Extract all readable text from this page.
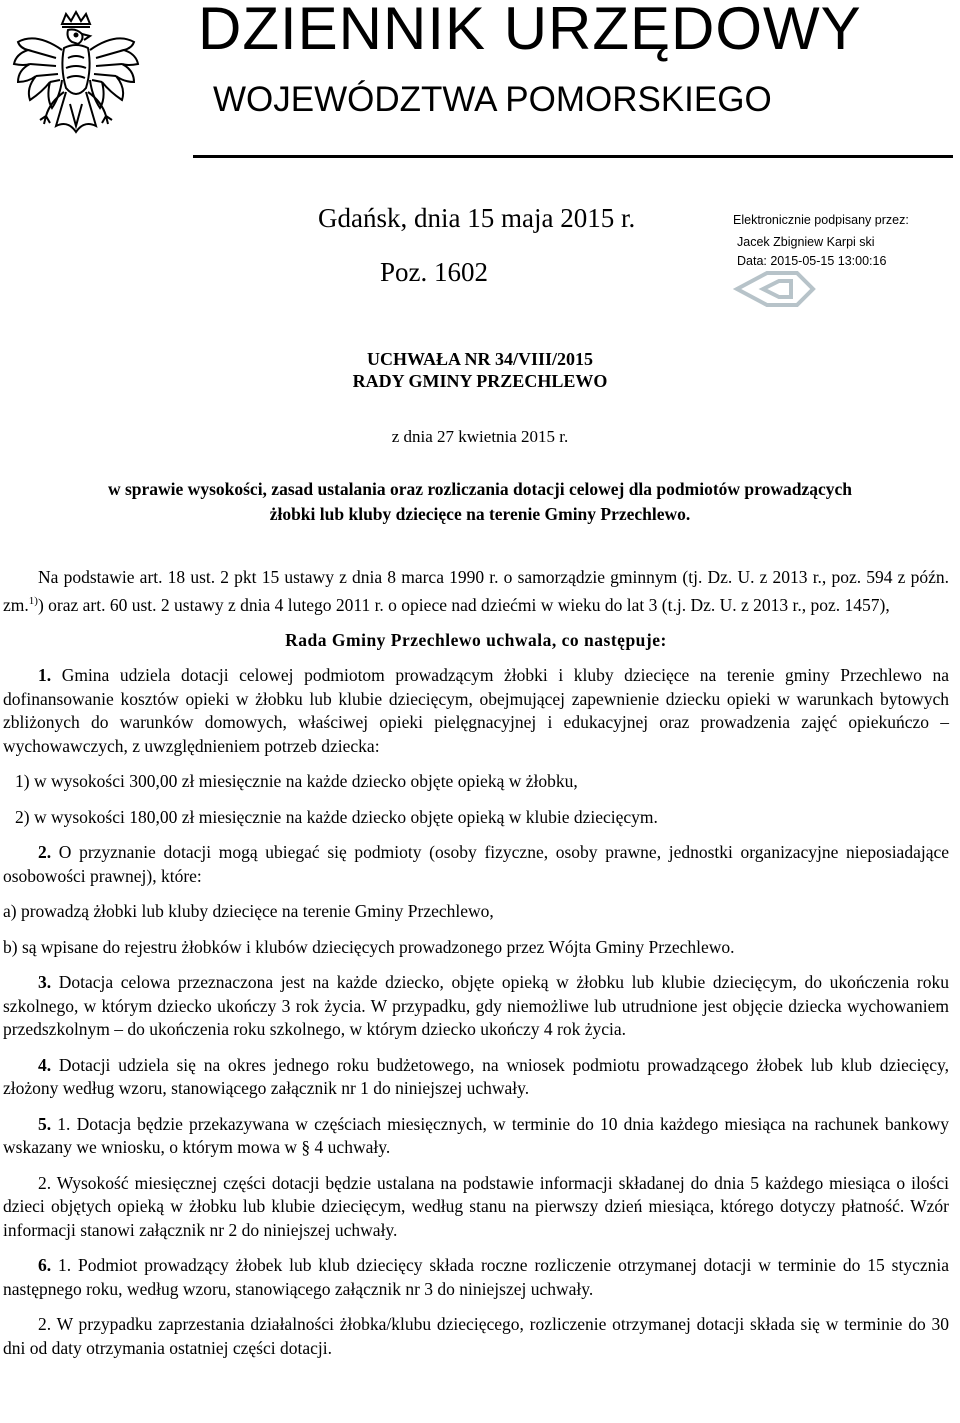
DZIENNIK URZĘDOWY
WOJEWÓDZTWA POMORSKIEGO
Gdańsk, dnia 15 maja 2015 r.
Poz. 1602
Elektronicznie podpisany przez:
Jacek Zbigniew Karpi ski
Data: 2015-05-15 13:00:16
UCHWAŁA NR 34/VIII/2015
RADY GMINY PRZECHLEWO
z dnia 27 kwietnia 2015 r.
w sprawie wysokości, zasad ustalania oraz rozliczania dotacji celowej dla podmiotów prowadzących
żłobki lub kluby dziecięce na terenie Gminy Przechlewo.

Na podstawie art. 18 ust. 2 pkt 15 ustawy z dnia 8 marca 1990 r. o samorządzie gminnym (tj. Dz. U. z 2013 r., poz. 594 z późn. zm.$^{1)}$) oraz art. 60 ust. 2 ustawy z dnia 4 lutego 2011 r. o opiece nad dziećmi w wieku do lat 3 (t.j. Dz. U. z 2013 r., poz. 1457),

Rada Gminy Przechlewo uchwala, co następuje:

1. Gmina udziela dotacji celowej podmiotom prowadzącym żłobki i kluby dziecięce na terenie gminy Przechlewo na dofinansowanie kosztów opieki w żłobku lub klubie dziecięcym, obejmującej zapewnienie dziecku opieki w warunkach bytowych zbliżonych do warunków domowych, właściwej opieki pielęgnacyjnej i edukacyjnej oraz prowadzenia zajęć opiekuńczo – wychowawczych, z uwzględnieniem potrzeb dziecka:

1) w wysokości 300,00 zł miesięcznie na każde dziecko objęte opieką w żłobku,

2) w wysokości 180,00 zł miesięcznie na każde dziecko objęte opieką w klubie dziecięcym.

2. O przyznanie dotacji mogą ubiegać się podmioty (osoby fizyczne, osoby prawne, jednostki organizacyjne nieposiadające osobowości prawnej), które:

a) prowadzą żłobki lub kluby dziecięce na terenie Gminy Przechlewo,

b) są wpisane do rejestru żłobków i klubów dziecięcych prowadzonego przez Wójta Gminy Przechlewo.

3. Dotacja celowa przeznaczona jest na każde dziecko, objęte opieką w żłobku lub klubie dziecięcym, do ukończenia roku szkolnego, w którym dziecko ukończy 3 rok życia. W przypadku, gdy niemożliwe lub utrudnione jest objęcie dziecka wychowaniem przedszkolnym – do ukończenia roku szkolnego, w którym dziecko ukończy 4 rok życia.

4. Dotacji udziela się na okres jednego roku budżetowego, na wniosek podmiotu prowadzącego żłobek lub klub dziecięcy, złożony według wzoru, stanowiącego załącznik nr 1 do niniejszej uchwały.

5. 1. Dotacja będzie przekazywana w częściach miesięcznych, w terminie do 10 dnia każdego miesiąca na rachunek bankowy wskazany we wniosku, o którym mowa w § 4 uchwały.

2. Wysokość miesięcznej części dotacji będzie ustalana na podstawie informacji składanej do dnia 5 każdego miesiąca o ilości dzieci objętych opieką w żłobku lub klubie dziecięcym, według stanu na pierwszy dzień miesiąca, którego dotyczy płatność. Wzór informacji stanowi załącznik nr 2 do niniejszej uchwały.

6. 1. Podmiot prowadzący żłobek lub klub dziecięcy składa roczne rozliczenie otrzymanej dotacji w terminie do 15 stycznia następnego roku, według wzoru, stanowiącego załącznik nr 3 do niniejszej uchwały.

2. W przypadku zaprzestania działalności żłobka/klubu dziecięcego, rozliczenie otrzymanej dotacji składa się w terminie do 30 dni od daty otrzymania ostatniej części dotacji.
